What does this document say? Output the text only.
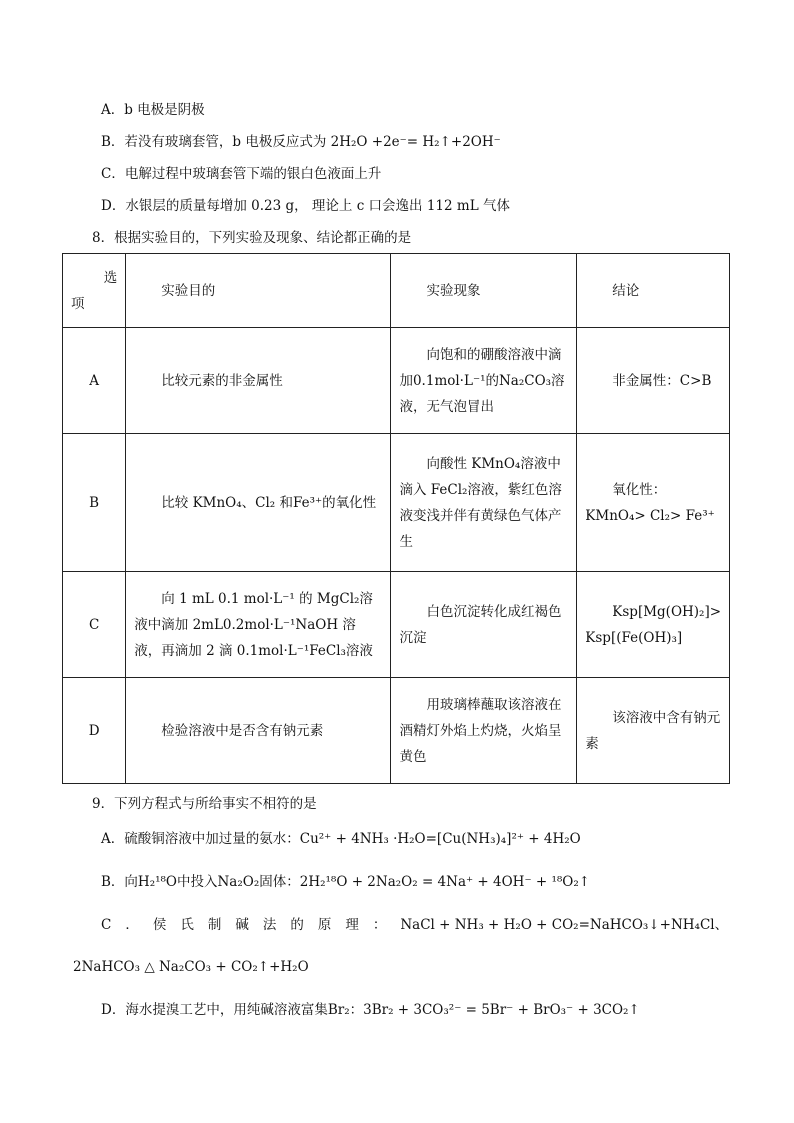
A．b 电极是阴极
B．若没有玻璃套管，b 电极反应式为 2H₂O +2e⁻= H₂↑+2OH⁻
C．电解过程中玻璃套管下端的银白色液面上升
D．水银层的质量每增加 0.23 g， 理论上 c 口会逸出 112 mL 气体
8．根据实验目的，下列实验及现象、结论都正确的是
选
项	实验目的	实验现象	结论
A	比较元素的非金属性	向饱和的硼酸溶液中滴加0.1mol·L⁻¹的Na₂CO₃溶液，无气泡冒出	非金属性：C>B
B	比较 KMnO₄、Cl₂ 和Fe³⁺的氧化性	向酸性 KMnO₄溶液中滴入 FeCl₂溶液，紫红色溶液变浅并伴有黄绿色气体产生	氧化性：KMnO₄> Cl₂> Fe³⁺
C	向 1 mL 0.1 mol·L⁻¹ 的 MgCl₂溶液中滴加 2mL0.2mol·L⁻¹NaOH 溶液，再滴加 2 滴 0.1mol·L⁻¹FeCl₃溶液	白色沉淀转化成红褐色沉淀	Ksp[Mg(OH)₂]> Ksp[(Fe(OH)₃]
D	检验溶液中是否含有钠元素	用玻璃棒蘸取该溶液在酒精灯外焰上灼烧，火焰呈黄色	该溶液中含有钠元素
9．下列方程式与所给事实不相符的是
A．硫酸铜溶液中加过量的氨水：Cu²⁺ + 4NH₃ ·H₂O=[Cu(NH₃)₄]²⁺ + 4H₂O
B．向H₂¹⁸O中投入Na₂O₂固体：2H₂¹⁸O + 2Na₂O₂ = 4Na⁺ + 4OH⁻ + ¹⁸O₂↑
C．侯氏制碱法的原理： NaCl + NH₃ + H₂O + CO₂=NaHCO₃↓+NH₄Cl、
2NaHCO₃ △ Na₂CO₃ + CO₂↑+H₂O
D．海水提溴工艺中，用纯碱溶液富集Br₂：3Br₂ + 3CO₃²⁻ = 5Br⁻ + BrO₃⁻ + 3CO₂↑
